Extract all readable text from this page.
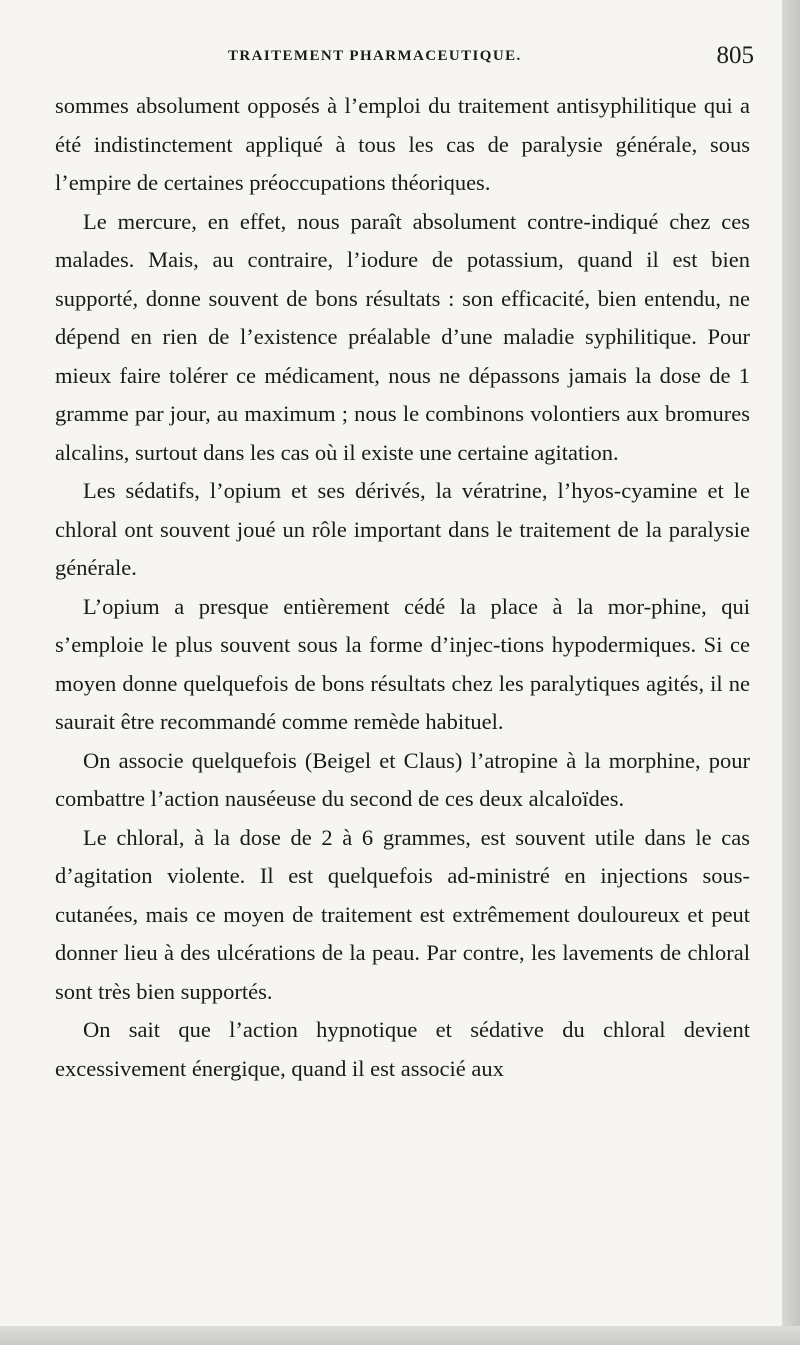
TRAITEMENT PHARMACEUTIQUE.	805

sommes absolument opposés à l’emploi du traitement antisyphilitique qui a été indistinctement appliqué à tous les cas de paralysie générale, sous l’empire de certaines préoccupations théoriques.

Le mercure, en effet, nous paraît absolument contre-indiqué chez ces malades. Mais, au contraire, l’iodure de potassium, quand il est bien supporté, donne souvent de bons résultats : son efficacité, bien entendu, ne dépend en rien de l’existence préalable d’une maladie syphilitique. Pour mieux faire tolérer ce médicament, nous ne dépassons jamais la dose de 1 gramme par jour, au maximum ; nous le combinons volontiers aux bromures alcalins, surtout dans les cas où il existe une certaine agitation.

Les sédatifs, l’opium et ses dérivés, la vératrine, l’hyos-cyamine et le chloral ont souvent joué un rôle important dans le traitement de la paralysie générale.

L’opium a presque entièrement cédé la place à la mor-phine, qui s’emploie le plus souvent sous la forme d’injec-tions hypodermiques. Si ce moyen donne quelquefois de bons résultats chez les paralytiques agités, il ne saurait être recommandé comme remède habituel.

On associe quelquefois (Beigel et Claus) l’atropine à la morphine, pour combattre l’action nauséeuse du second de ces deux alcaloïdes.

Le chloral, à la dose de 2 à 6 grammes, est souvent utile dans le cas d’agitation violente. Il est quelquefois ad-ministré en injections sous-cutanées, mais ce moyen de traitement est extrêmement douloureux et peut donner lieu à des ulcérations de la peau. Par contre, les lavements de chloral sont très bien supportés.

On sait que l’action hypnotique et sédative du chloral devient excessivement énergique, quand il est associé aux
